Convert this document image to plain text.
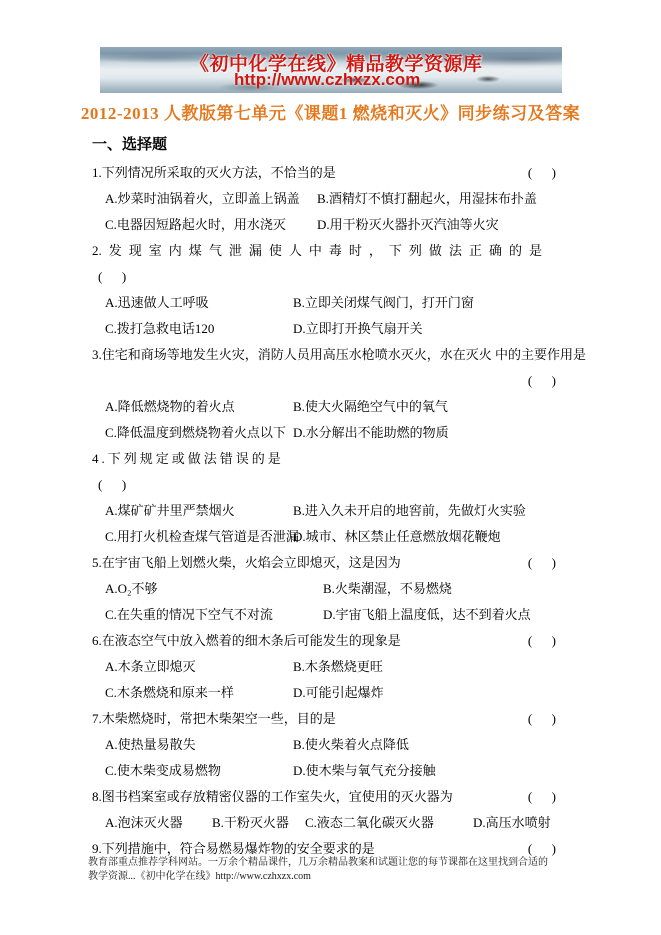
《初中化学在线》精品教学资源库
http://www.czhxzx.com
2012-2013 人教版第七单元《课题1 燃烧和灭火》同步练习及答案
一、选择题
1.下列情况所采取的灭火方法，不恰当的是	(      )
A.炒菜时油锅着火，立即盖上锅盖	B.酒精灯不慎打翻起火，用湿抹布扑盖
C.电器因短路起火时，用水浇灭	D.用干粉灭火器扑灭汽油等火灾
2.发现室内煤气泄漏使人中毒时，下列做法正确的是
(      )
A.迅速做人工呼吸	B.立即关闭煤气阀门，打开门窗
C.拨打急救电话120	D.立即打开换气扇开关
3.住宅和商场等地发生火灾，消防人员用高压水枪喷水灭火，水在灭火 中的主要作用是
(      )
A.降低燃烧物的着火点	B.使大火隔绝空气中的氧气
C.降低温度到燃烧物着火点以下 D.水分解出不能助燃的物质
4.下列规定或做法错误的是
(      )
A.煤矿矿井里严禁烟火	B.进入久未开启的地窖前，先做灯火实验
C.用打火机检查煤气管道是否泄漏
D.城市、林区禁止任意燃放烟花鞭炮
5.在宇宙飞船上划燃火柴，火焰会立即熄灭，这是因为	(      )
A.O₂不够	B.火柴潮湿，不易燃烧
C.在失重的情况下空气不对流	D.宇宙飞船上温度低，达不到着火点
6.在液态空气中放入燃着的细木条后可能发生的现象是	(      )
A.木条立即熄灭	B.木条燃烧更旺
C.木条燃烧和原来一样	D.可能引起爆炸
7.木柴燃烧时，常把木柴架空一些，目的是	(      )
A.使热量易散失	B.使火柴着火点降低
C.使木柴变成易燃物	D.使木柴与氧气充分接触
8.图书档案室或存放精密仪器的工作室失火，宜使用的灭火器为	(      )
A.泡沫灭火器	B.干粉灭火器	C.液态二氧化碳灭火器	D.高压水喷射
9.下列措施中，符合易燃易爆炸物的安全要求的是	(      )
教育部重点推荐学科网站。一万余个精品课件，几万余精品教案和试题让您的每节课都在这里找到合适的
教学资源...《初中化学在线》http://www.czhxzx.com
